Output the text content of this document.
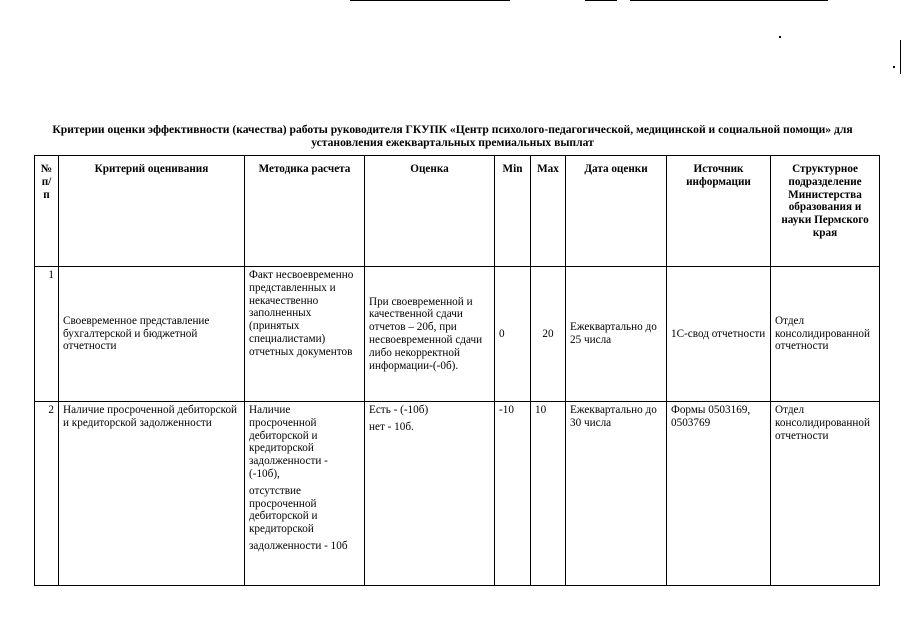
Критерии оценки эффективности (качества) работы руководителя ГКУПК «Центр психолого-педагогической, медицинской и социальной помощи» для установления ежеквартальных премиальных выплат
№ п/п	Критерий оценивания	Методика расчета	Оценка	Min	Max	Дата оценки	Источник информации	Структурное подразделение Министерства образования и науки Пермского края
1	Своевременное представление бухгалтерской и бюджетной отчетности	Факт несвоевременно представленных и некачественно заполненных (принятых специалистами) отчетных документов	При своевременной и качественной сдачи отчетов – 20б, при несвоевременной сдачи либо некорректной информации-(-0б).	0	20	Ежеквартально до 25 числа	1С-свод отчетности	Отдел консолидированной отчетности
2	Наличие просроченной дебиторской и кредиторской задолженности	Наличие просроченной дебиторской и кредиторской задолженности - (-10б),
отсутствие просроченной дебиторской и кредиторской
задолженности - 10б	Есть - (-10б)
нет - 10б.	-10	10	Ежеквартально до 30 числа	Формы 0503169, 0503769	Отдел консолидированной отчетности
